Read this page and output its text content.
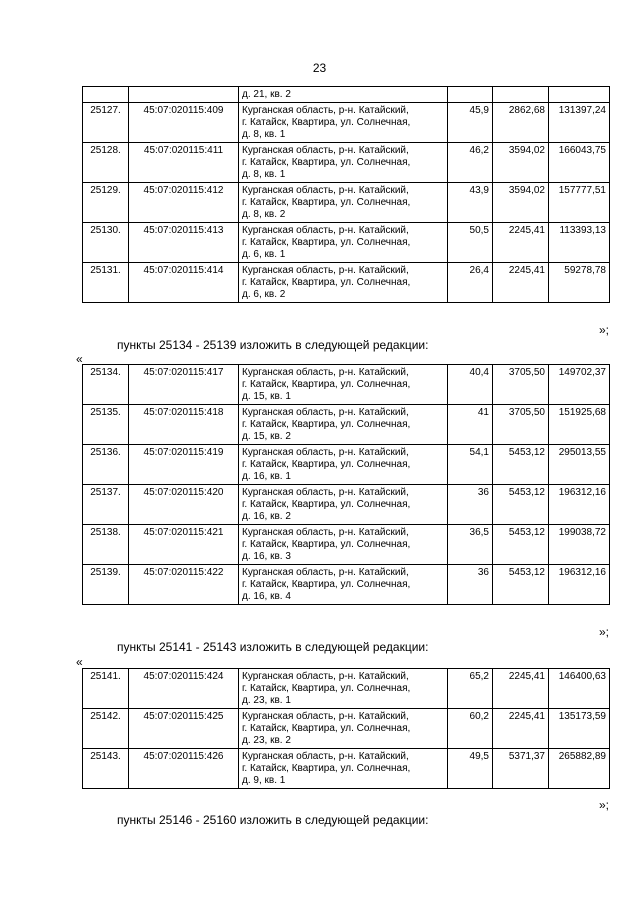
23
		д. 21, кв. 2			
25127.	45:07:020115:409	Курганская область, р-н. Катайский,
г. Катайск, Квартира, ул. Солнечная,
д. 8, кв. 1	45,9	2862,68	131397,24
25128.	45:07:020115:411	Курганская область, р-н. Катайский,
г. Катайск, Квартира, ул. Солнечная,
д. 8, кв. 1	46,2	3594,02	166043,75
25129.	45:07:020115:412	Курганская область, р-н. Катайский,
г. Катайск, Квартира, ул. Солнечная,
д. 8, кв. 2	43,9	3594,02	157777,51
25130.	45:07:020115:413	Курганская область, р-н. Катайский,
г. Катайск, Квартира, ул. Солнечная,
д. 6, кв. 1	50,5	2245,41	113393,13
25131.	45:07:020115:414	Курганская область, р-н. Катайский,
г. Катайск, Квартира, ул. Солнечная,
д. 6, кв. 2	26,4	2245,41	59278,78
»;
пункты 25134 - 25139 изложить в следующей редакции:
«
25134.	45:07:020115:417	Курганская область, р-н. Катайский,
г. Катайск, Квартира, ул. Солнечная,
д. 15, кв. 1	40,4	3705,50	149702,37
25135.	45:07:020115:418	Курганская область, р-н. Катайский,
г. Катайск, Квартира, ул. Солнечная,
д. 15, кв. 2	41	3705,50	151925,68
25136.	45:07:020115:419	Курганская область, р-н. Катайский,
г. Катайск, Квартира, ул. Солнечная,
д. 16, кв. 1	54,1	5453,12	295013,55
25137.	45:07:020115:420	Курганская область, р-н. Катайский,
г. Катайск, Квартира, ул. Солнечная,
д. 16, кв. 2	36	5453,12	196312,16
25138.	45:07:020115:421	Курганская область, р-н. Катайский,
г. Катайск, Квартира, ул. Солнечная,
д. 16, кв. 3	36,5	5453,12	199038,72
25139.	45:07:020115:422	Курганская область, р-н. Катайский,
г. Катайск, Квартира, ул. Солнечная,
д. 16, кв. 4	36	5453,12	196312,16
»;
пункты 25141 - 25143 изложить в следующей редакции:
«
25141.	45:07:020115:424	Курганская область, р-н. Катайский,
г. Катайск, Квартира, ул. Солнечная,
д. 23, кв. 1	65,2	2245,41	146400,63
25142.	45:07:020115:425	Курганская область, р-н. Катайский,
г. Катайск, Квартира, ул. Солнечная,
д. 23, кв. 2	60,2	2245,41	135173,59
25143.	45:07:020115:426	Курганская область, р-н. Катайский,
г. Катайск, Квартира, ул. Солнечная,
д. 9, кв. 1	49,5	5371,37	265882,89
»;
пункты 25146 - 25160 изложить в следующей редакции:
